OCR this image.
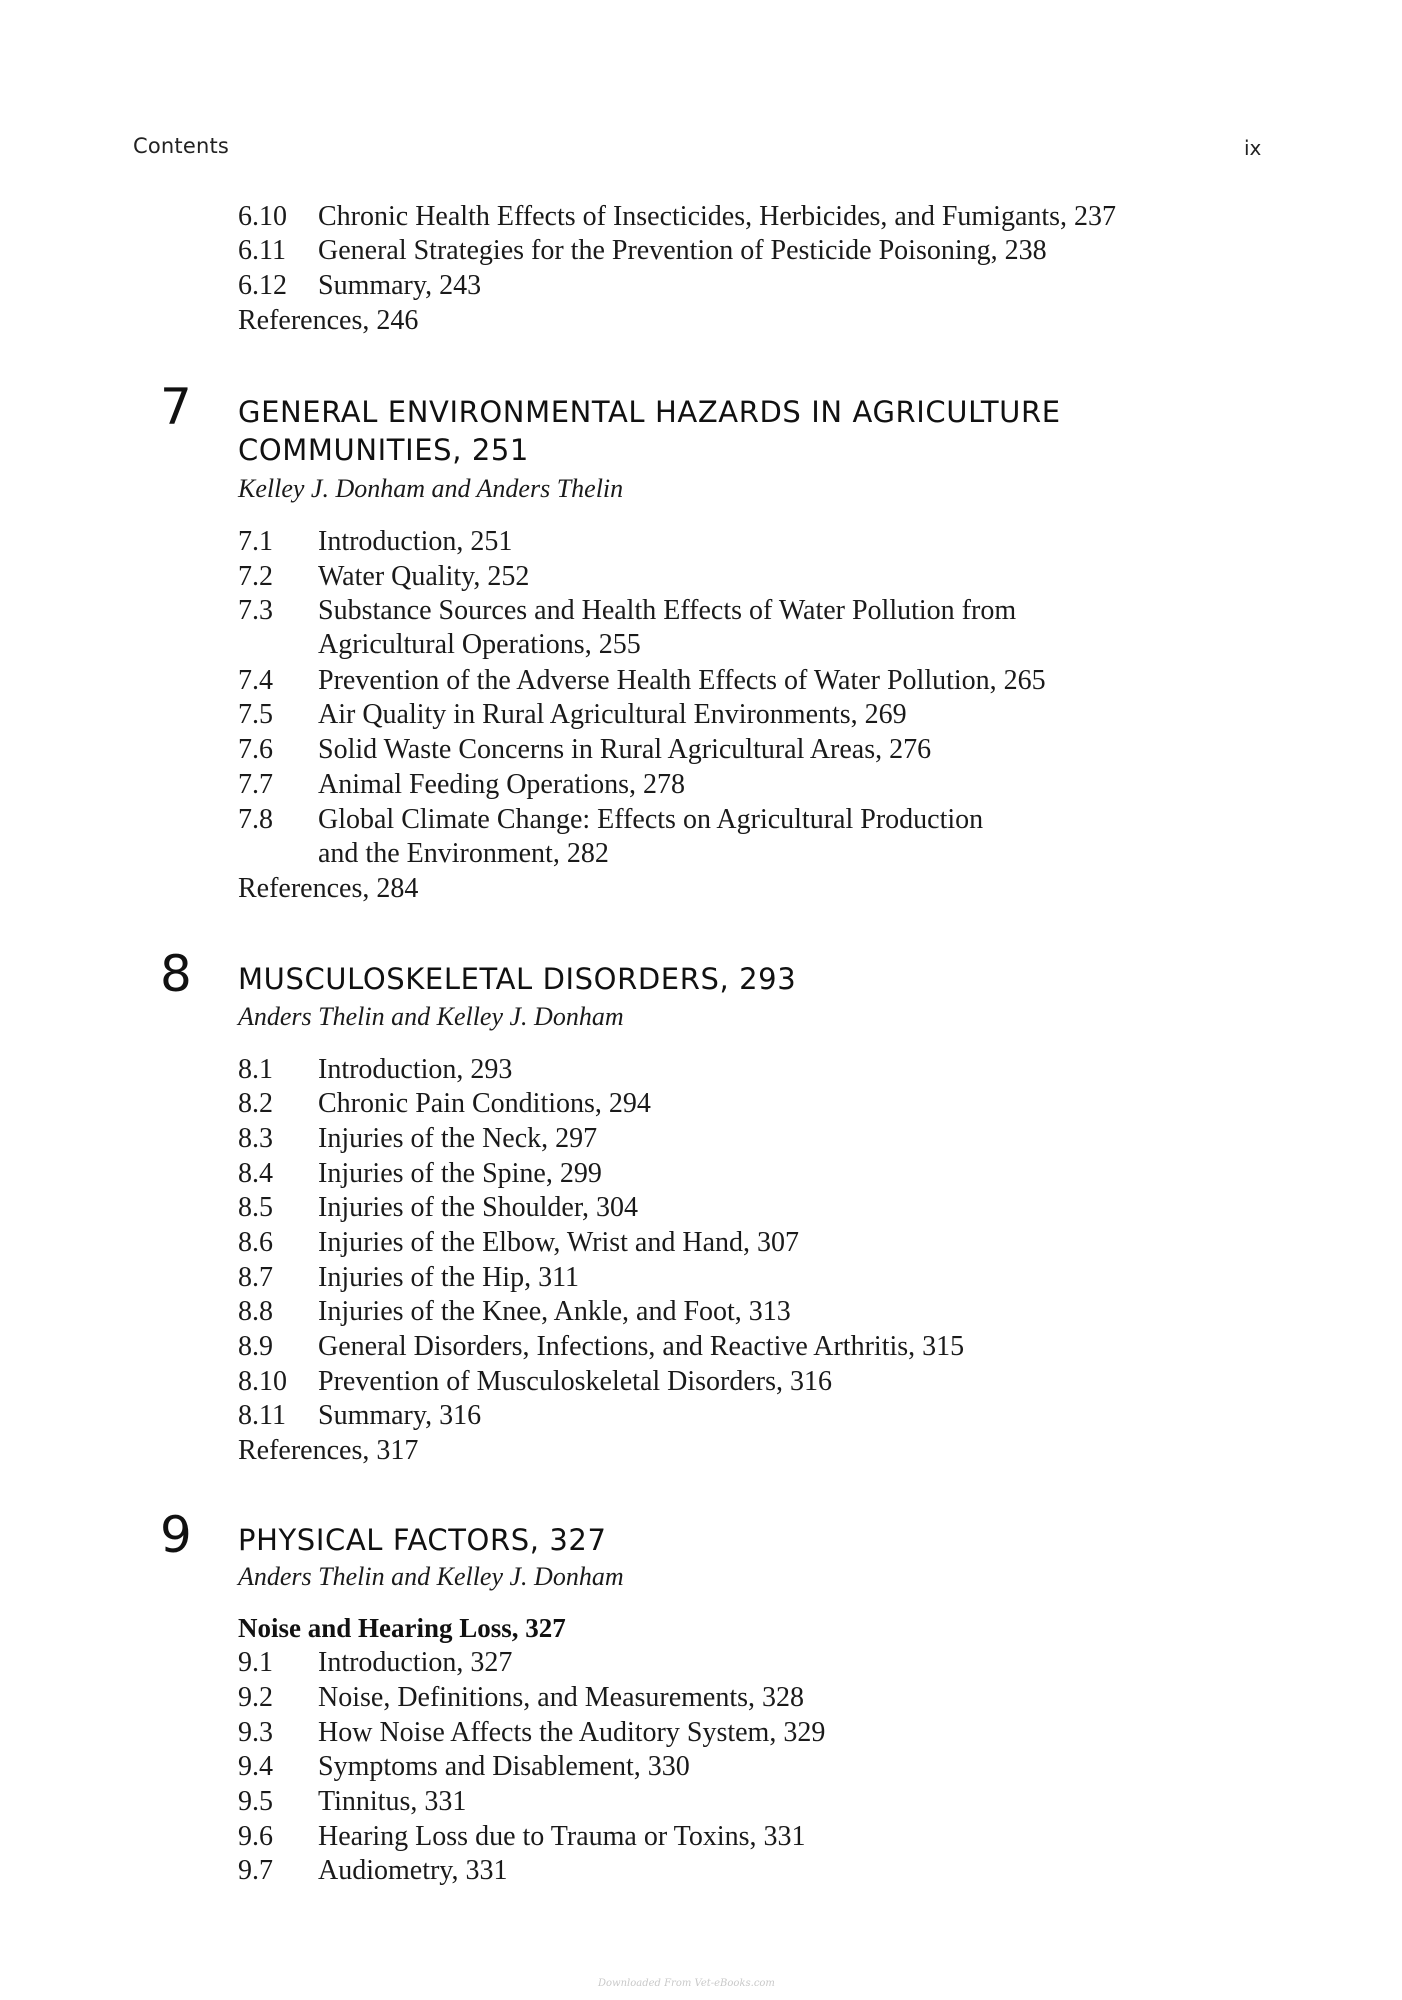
Contents	ix
6.10 Chronic Health Effects of Insecticides, Herbicides, and Fumigants, 237
6.11 General Strategies for the Prevention of Pesticide Poisoning, 238
6.12 Summary, 243
References, 246
7 GENERAL ENVIRONMENTAL HAZARDS IN AGRICULTURE
COMMUNITIES, 251
Kelley J. Donham and Anders Thelin
7.1 Introduction, 251
7.2 Water Quality, 252
7.3 Substance Sources and Health Effects of Water Pollution from
Agricultural Operations, 255
7.4 Prevention of the Adverse Health Effects of Water Pollution, 265
7.5 Air Quality in Rural Agricultural Environments, 269
7.6 Solid Waste Concerns in Rural Agricultural Areas, 276
7.7 Animal Feeding Operations, 278
7.8 Global Climate Change: Effects on Agricultural Production
and the Environment, 282
References, 284
8 MUSCULOSKELETAL DISORDERS, 293
Anders Thelin and Kelley J. Donham
8.1 Introduction, 293
8.2 Chronic Pain Conditions, 294
8.3 Injuries of the Neck, 297
8.4 Injuries of the Spine, 299
8.5 Injuries of the Shoulder, 304
8.6 Injuries of the Elbow, Wrist and Hand, 307
8.7 Injuries of the Hip, 311
8.8 Injuries of the Knee, Ankle, and Foot, 313
8.9 General Disorders, Infections, and Reactive Arthritis, 315
8.10 Prevention of Musculoskeletal Disorders, 316
8.11 Summary, 316
References, 317
9 PHYSICAL FACTORS, 327
Anders Thelin and Kelley J. Donham
Noise and Hearing Loss, 327
9.1 Introduction, 327
9.2 Noise, Definitions, and Measurements, 328
9.3 How Noise Affects the Auditory System, 329
9.4 Symptoms and Disablement, 330
9.5 Tinnitus, 331
9.6 Hearing Loss due to Trauma or Toxins, 331
9.7 Audiometry, 331
Downloaded From Vet-eBooks.com
